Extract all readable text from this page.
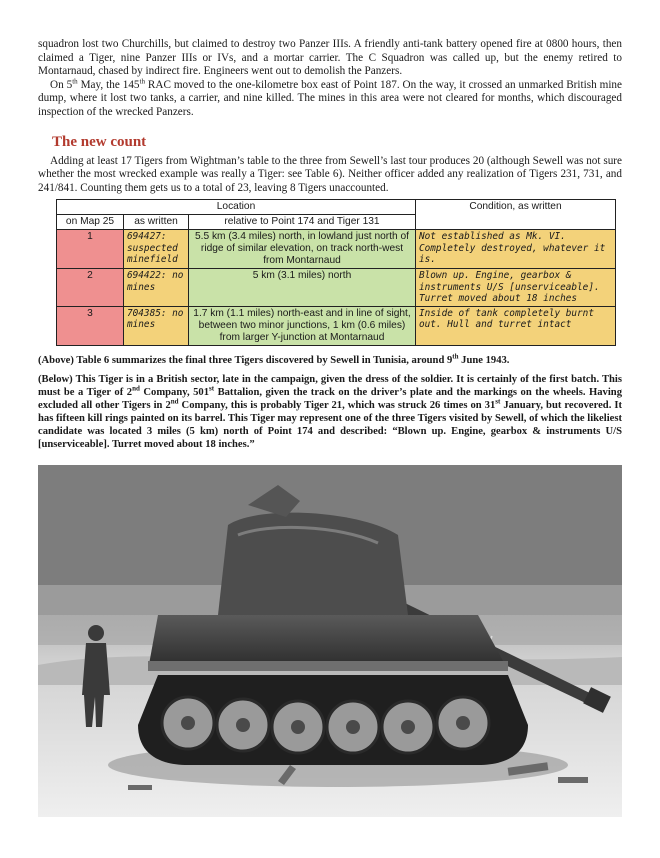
squadron lost two Churchills, but claimed to destroy two Panzer IIIs. A friendly anti-tank battery opened fire at 0800 hours, then claimed a Tiger, nine Panzer IIIs or IVs, and a mortar carrier. The C Squadron was called up, but the enemy retired to Montarnaud, chased by indirect fire. Engineers went out to demolish the Panzers.

On 5th May, the 145th RAC moved to the one-kilometre box east of Point 187. On the way, it crossed an unmarked British mine dump, where it lost two tanks, a carrier, and nine killed. The mines in this area were not cleared for months, which discouraged inspection of the wrecked Panzers.

The new count

Adding at least 17 Tigers from Wightman’s table to the three from Sewell’s last tour produces 20 (although Sewell was not sure whether the most wrecked example was really a Tiger: see Table 6). Neither officer added any realization of Tigers 231, 731, and 241/841. Counting them gets us to a total of 23, leaving 8 Tigers unaccounted.

Location			Condition, as written
on Map 25	as written	relative to Point 174 and Tiger 131	
1	694427: suspected minefield	5.5 km (3.4 miles) north, in lowland just north of ridge of similar elevation, on track north-west from Montarnaud	Not established as Mk. VI. Completely destroyed, whatever it is.
2	694422: no mines	5 km (3.1 miles) north	Blown up. Engine, gearbox & instruments U/S [unserviceable]. Turret moved about 18 inches
3	704385: no mines	1.7 km (1.1 miles) north-east and in line of sight, between two minor junctions, 1 km (0.6 miles) from larger Y-junction at Montarnaud	Inside of tank completely burnt out. Hull and turret intact

(Above) Table 6 summarizes the final three Tigers discovered by Sewell in Tunisia, around 9th June 1943.

(Below) This Tiger is in a British sector, late in the campaign, given the dress of the soldier. It is certainly of the first batch. This must be a Tiger of 2nd Company, 501st Battalion, given the track on the driver’s plate and the markings on the wheels. Having excluded all other Tigers in 2nd Company, this is probably Tiger 21, which was struck 26 times on 31st January, but recovered. It has fifteen kill rings painted on its barrel. This Tiger may represent one of the three Tigers visited by Sewell, of which the likeliest candidate was located 3 miles (5 km) north of Point 174 and described: “Blown up. Engine, gearbox & instruments U/S [unserviceable]. Turret moved about 18 inches.”
